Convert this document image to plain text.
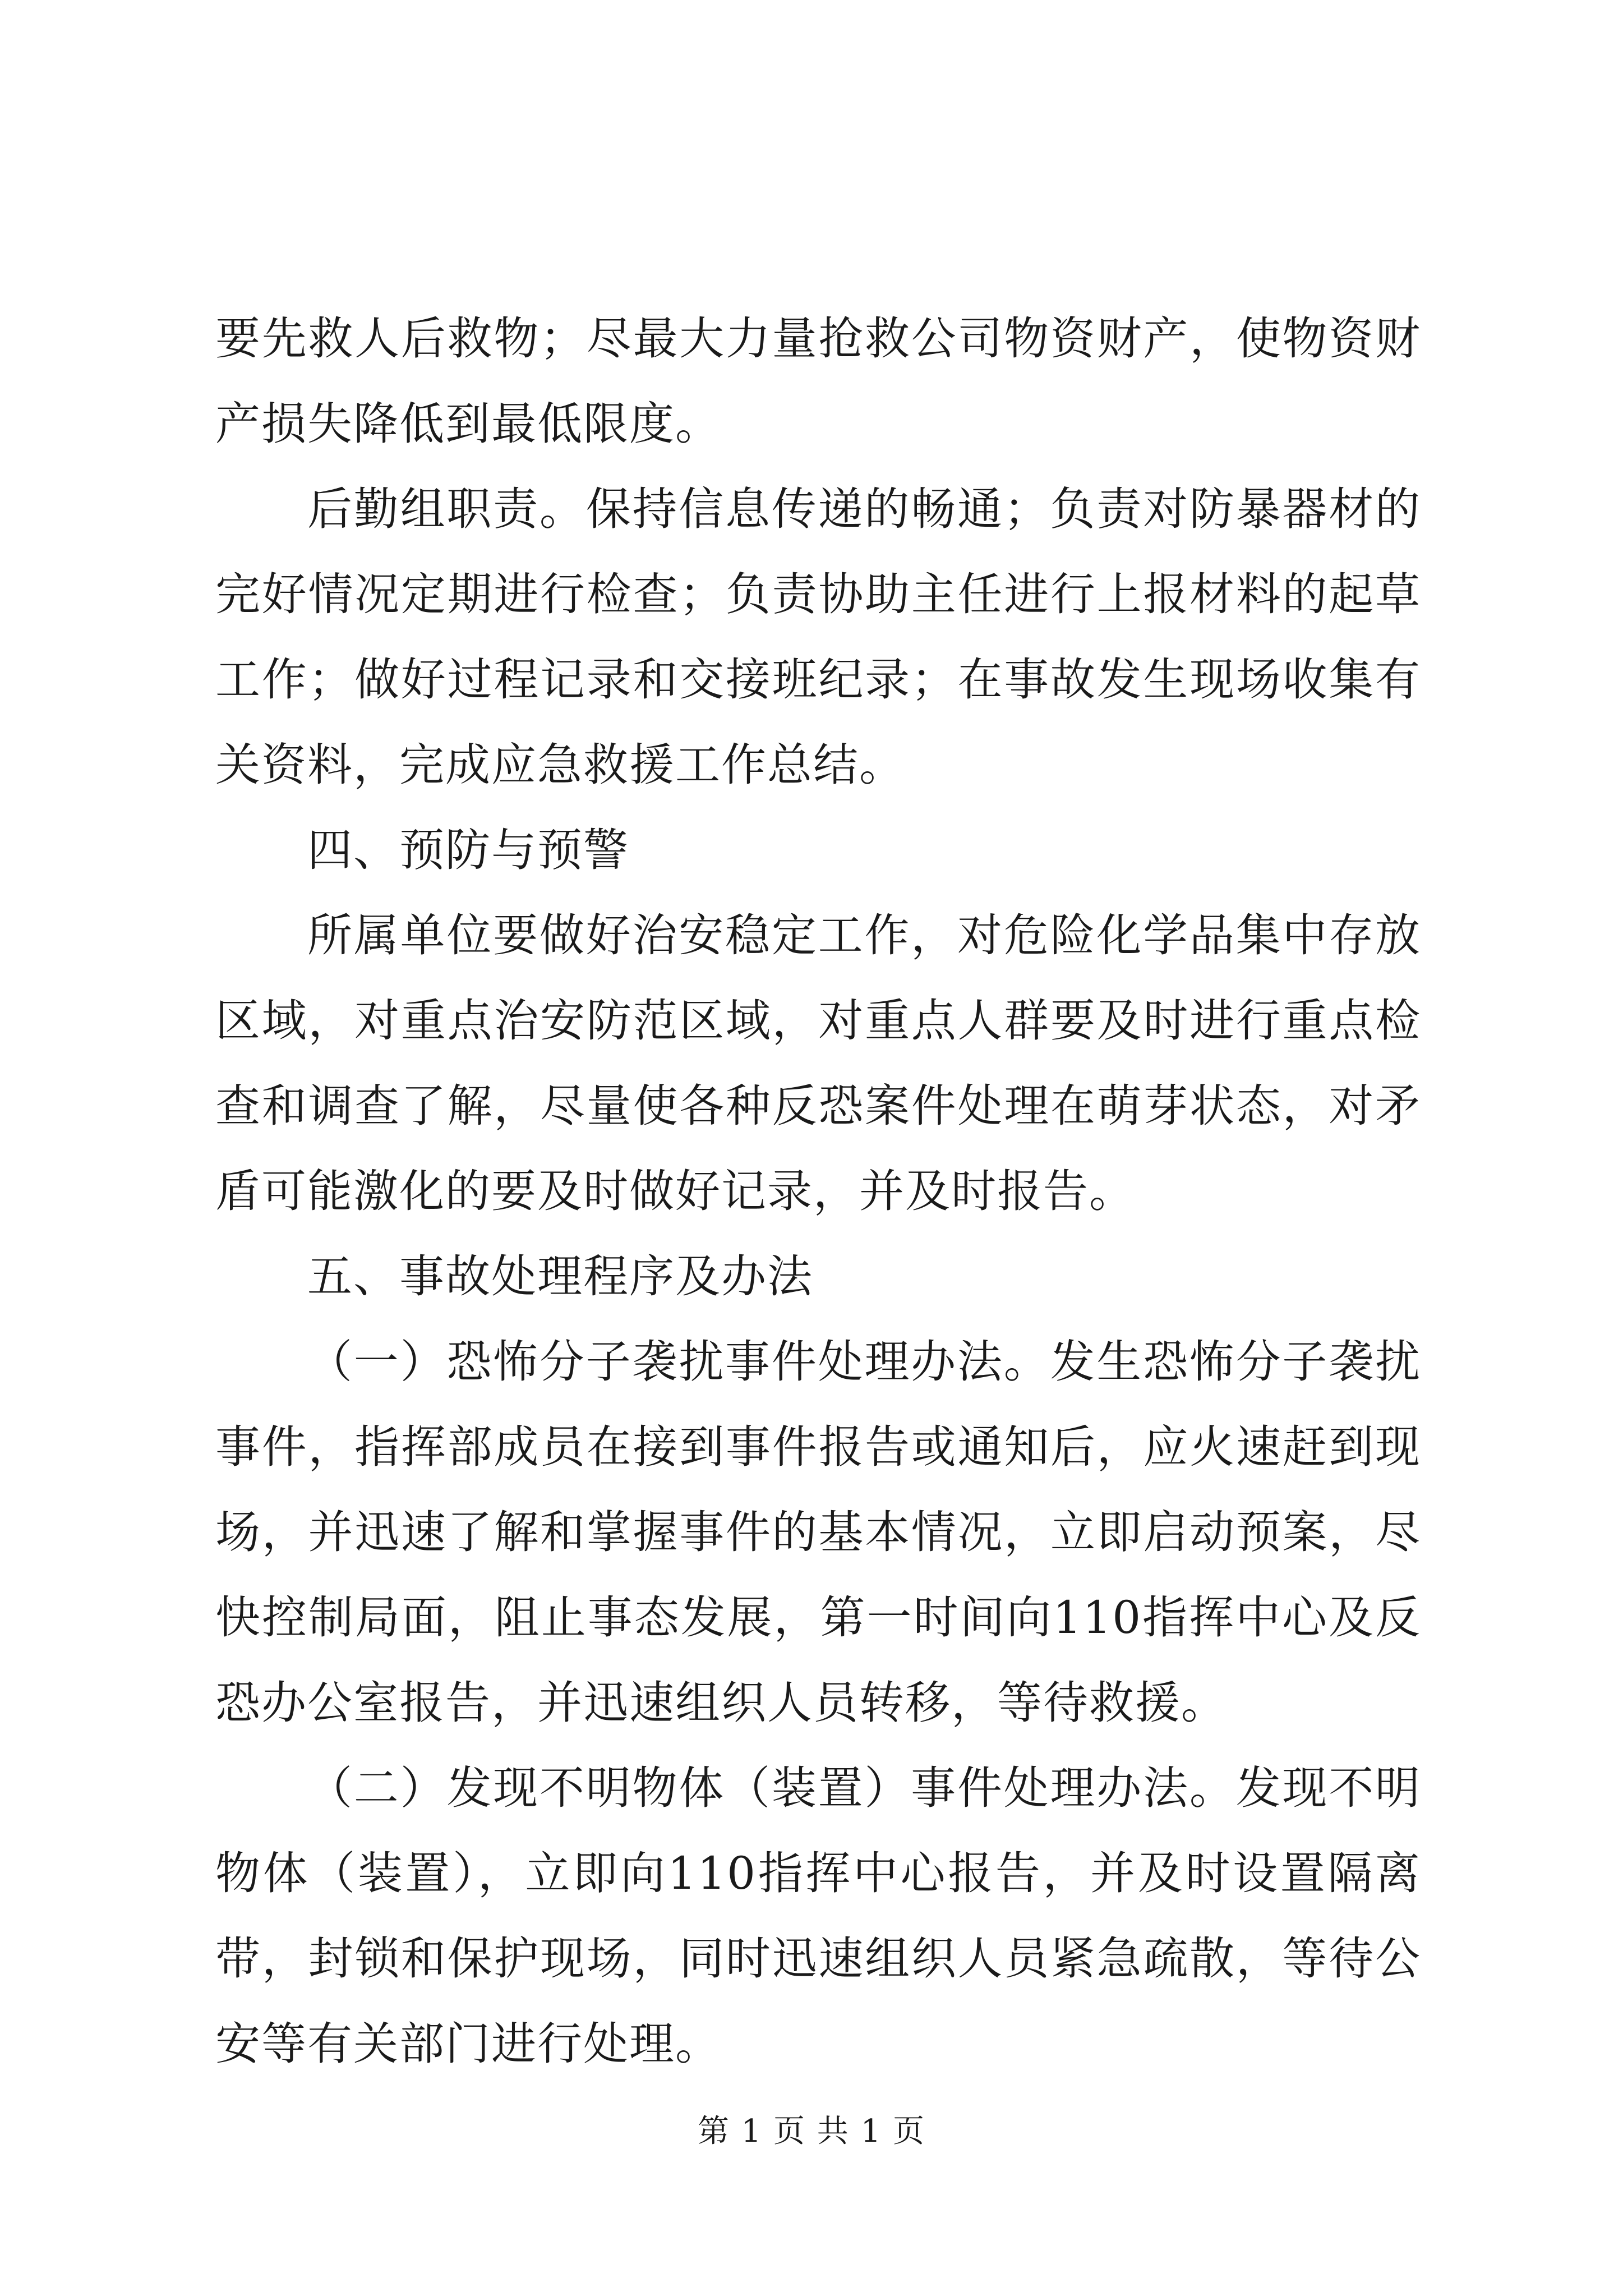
要先救人后救物；尽最大力量抢救公司物资财产，使物资财产损失降低到最低限度。

后勤组职责。保持信息传递的畅通；负责对防暴器材的完好情况定期进行检查；负责协助主任进行上报材料的起草工作；做好过程记录和交接班纪录；在事故发生现场收集有关资料，完成应急救援工作总结。

四、预防与预警

所属单位要做好治安稳定工作，对危险化学品集中存放区域，对重点治安防范区域，对重点人群要及时进行重点检查和调查了解，尽量使各种反恐案件处理在萌芽状态，对矛盾可能激化的要及时做好记录，并及时报告。

五、事故处理程序及办法

（一）恐怖分子袭扰事件处理办法。发生恐怖分子袭扰事件，指挥部成员在接到事件报告或通知后，应火速赶到现场，并迅速了解和掌握事件的基本情况，立即启动预案，尽快控制局面，阻止事态发展，第一时间向110指挥中心及反恐办公室报告，并迅速组织人员转移，等待救援。

（二）发现不明物体（装置）事件处理办法。发现不明物体（装置），立即向110指挥中心报告，并及时设置隔离带，封锁和保护现场，同时迅速组织人员紧急疏散，等待公安等有关部门进行处理。

第 1 页 共 1 页
